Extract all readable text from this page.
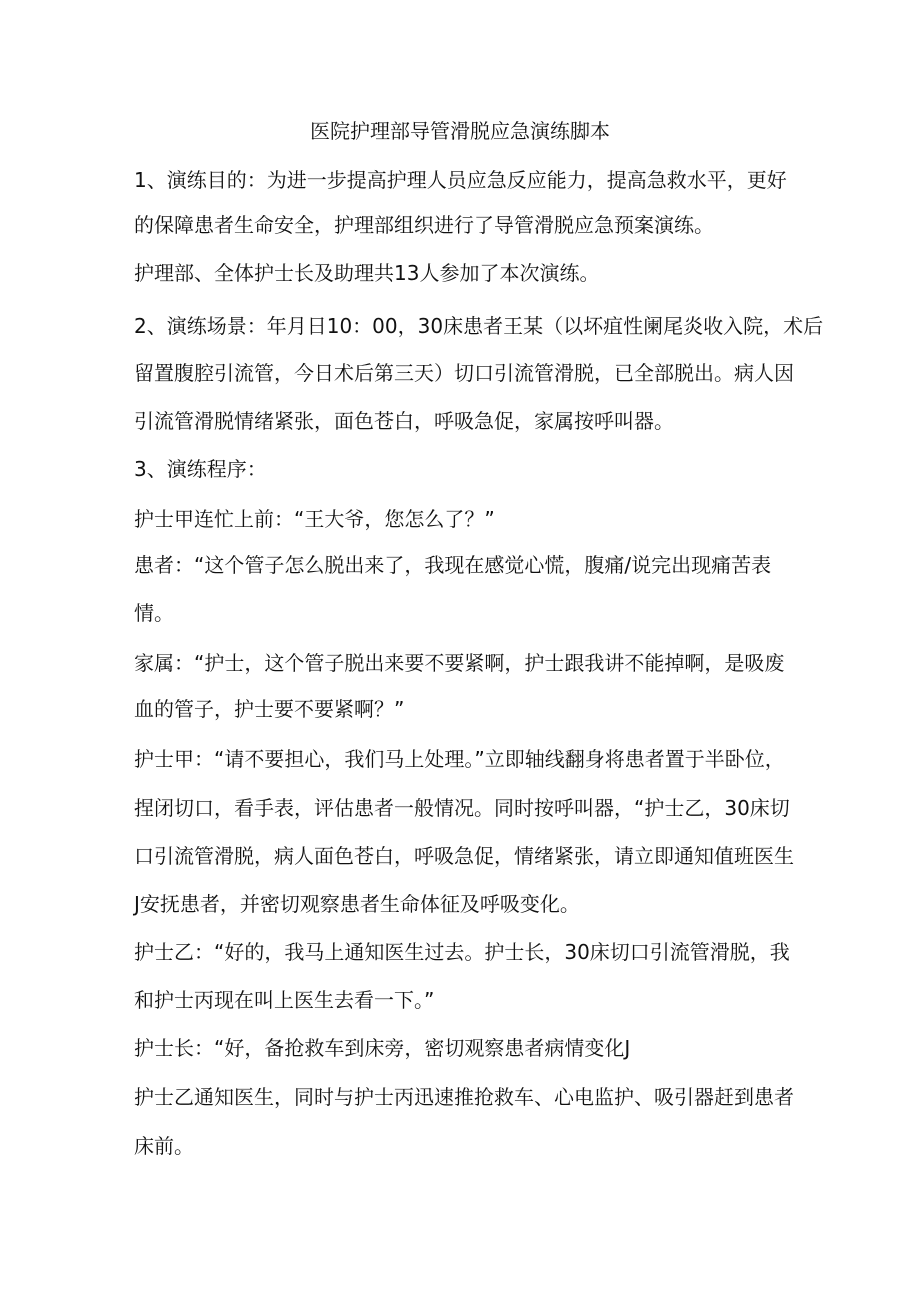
医院护理部导管滑脱应急演练脚本
1、演练目的：为进一步提高护理人员应急反应能力，提高急救水平，更好
的保障患者生命安全，护理部组织进行了导管滑脱应急预案演练。
护理部、全体护士长及助理共13人参加了本次演练。
2、演练场景：年月日10：00，30床患者王某（以坏疽性阑尾炎收入院，术后
留置腹腔引流管，今日术后第三天）切口引流管滑脱，已全部脱出。病人因
引流管滑脱情绪紧张，面色苍白，呼吸急促，家属按呼叫器。
3、演练程序：
护士甲连忙上前：“王大爷，您怎么了？”
患者：“这个管子怎么脱出来了，我现在感觉心慌，腹痛/说完出现痛苦表
情。
家属：“护士，这个管子脱出来要不要紧啊，护士跟我讲不能掉啊，是吸废
血的管子，护士要不要紧啊？”
护士甲：“请不要担心，我们马上处理。”立即轴线翻身将患者置于半卧位，
捏闭切口，看手表，评估患者一般情况。同时按呼叫器，“护士乙，30床切
口引流管滑脱，病人面色苍白，呼吸急促，情绪紧张，请立即通知值班医生
J安抚患者，并密切观察患者生命体征及呼吸变化。
护士乙：“好的，我马上通知医生过去。护士长，30床切口引流管滑脱，我
和护士丙现在叫上医生去看一下。”
护士长：“好，备抢救车到床旁，密切观察患者病情变化J
护士乙通知医生，同时与护士丙迅速推抢救车、心电监护、吸引器赶到患者
床前。
